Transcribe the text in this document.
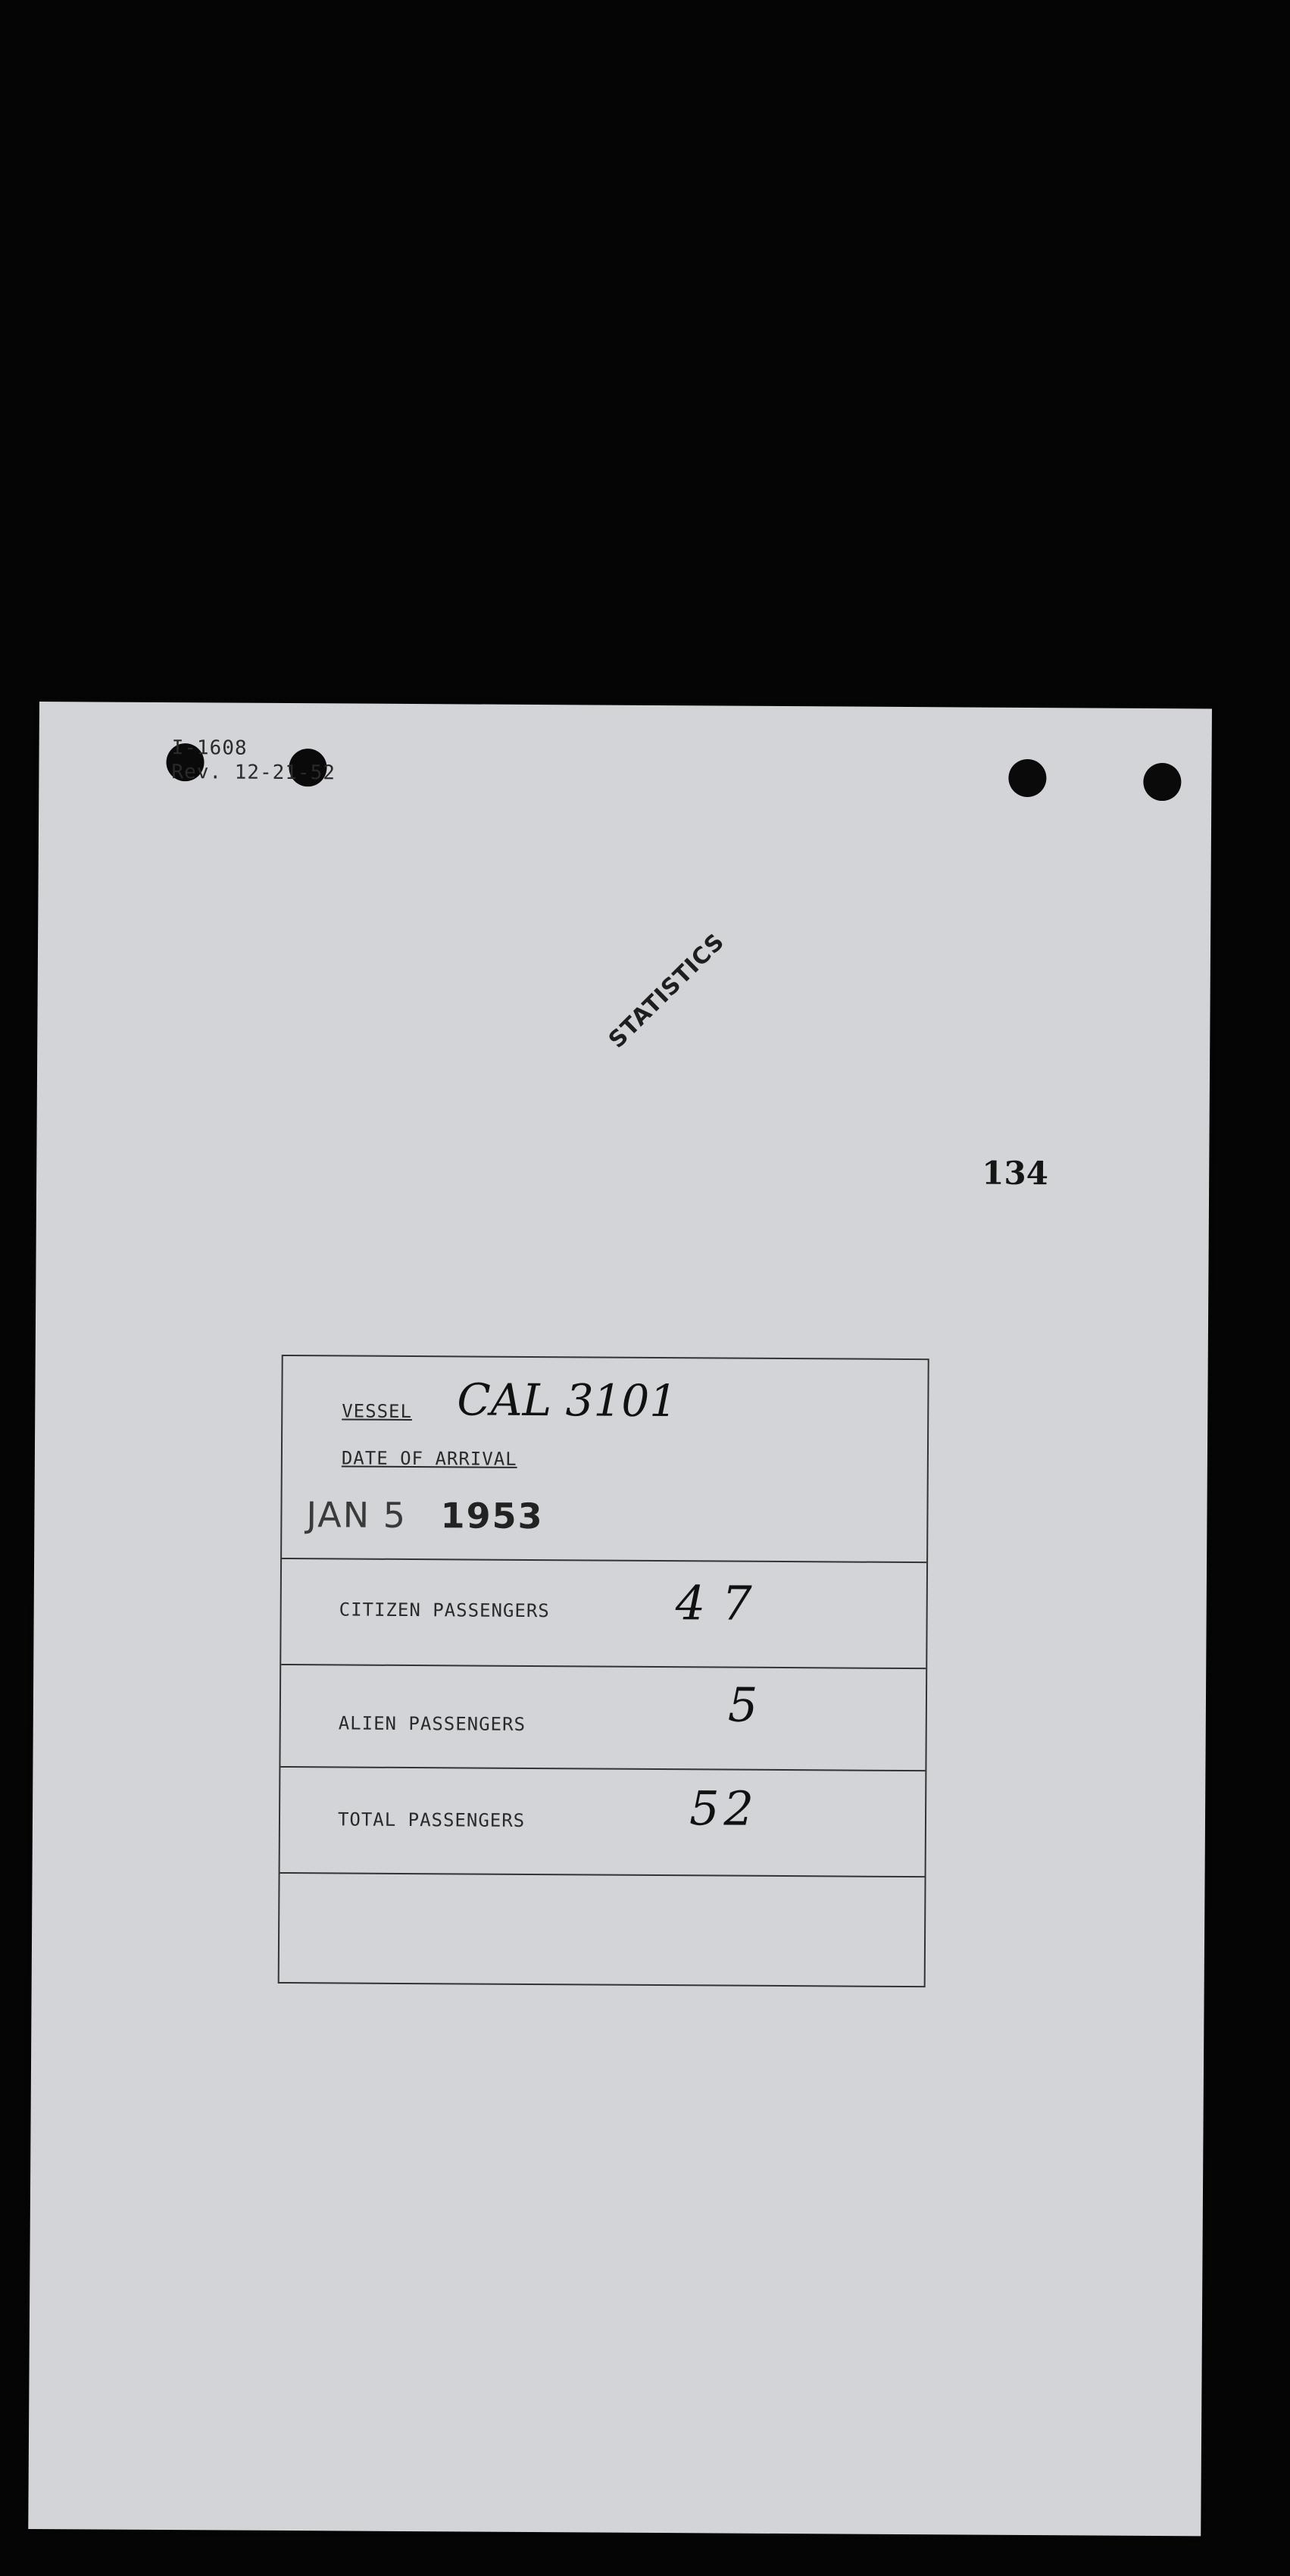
I-1608
Rev. 12-21-52
STATISTICS
134
VESSEL CAL 3101
DATE OF ARRIVAL
JAN 5 1953
CITIZEN PASSENGERS	47
ALIEN PASSENGERS	5
TOTAL PASSENGERS	52
